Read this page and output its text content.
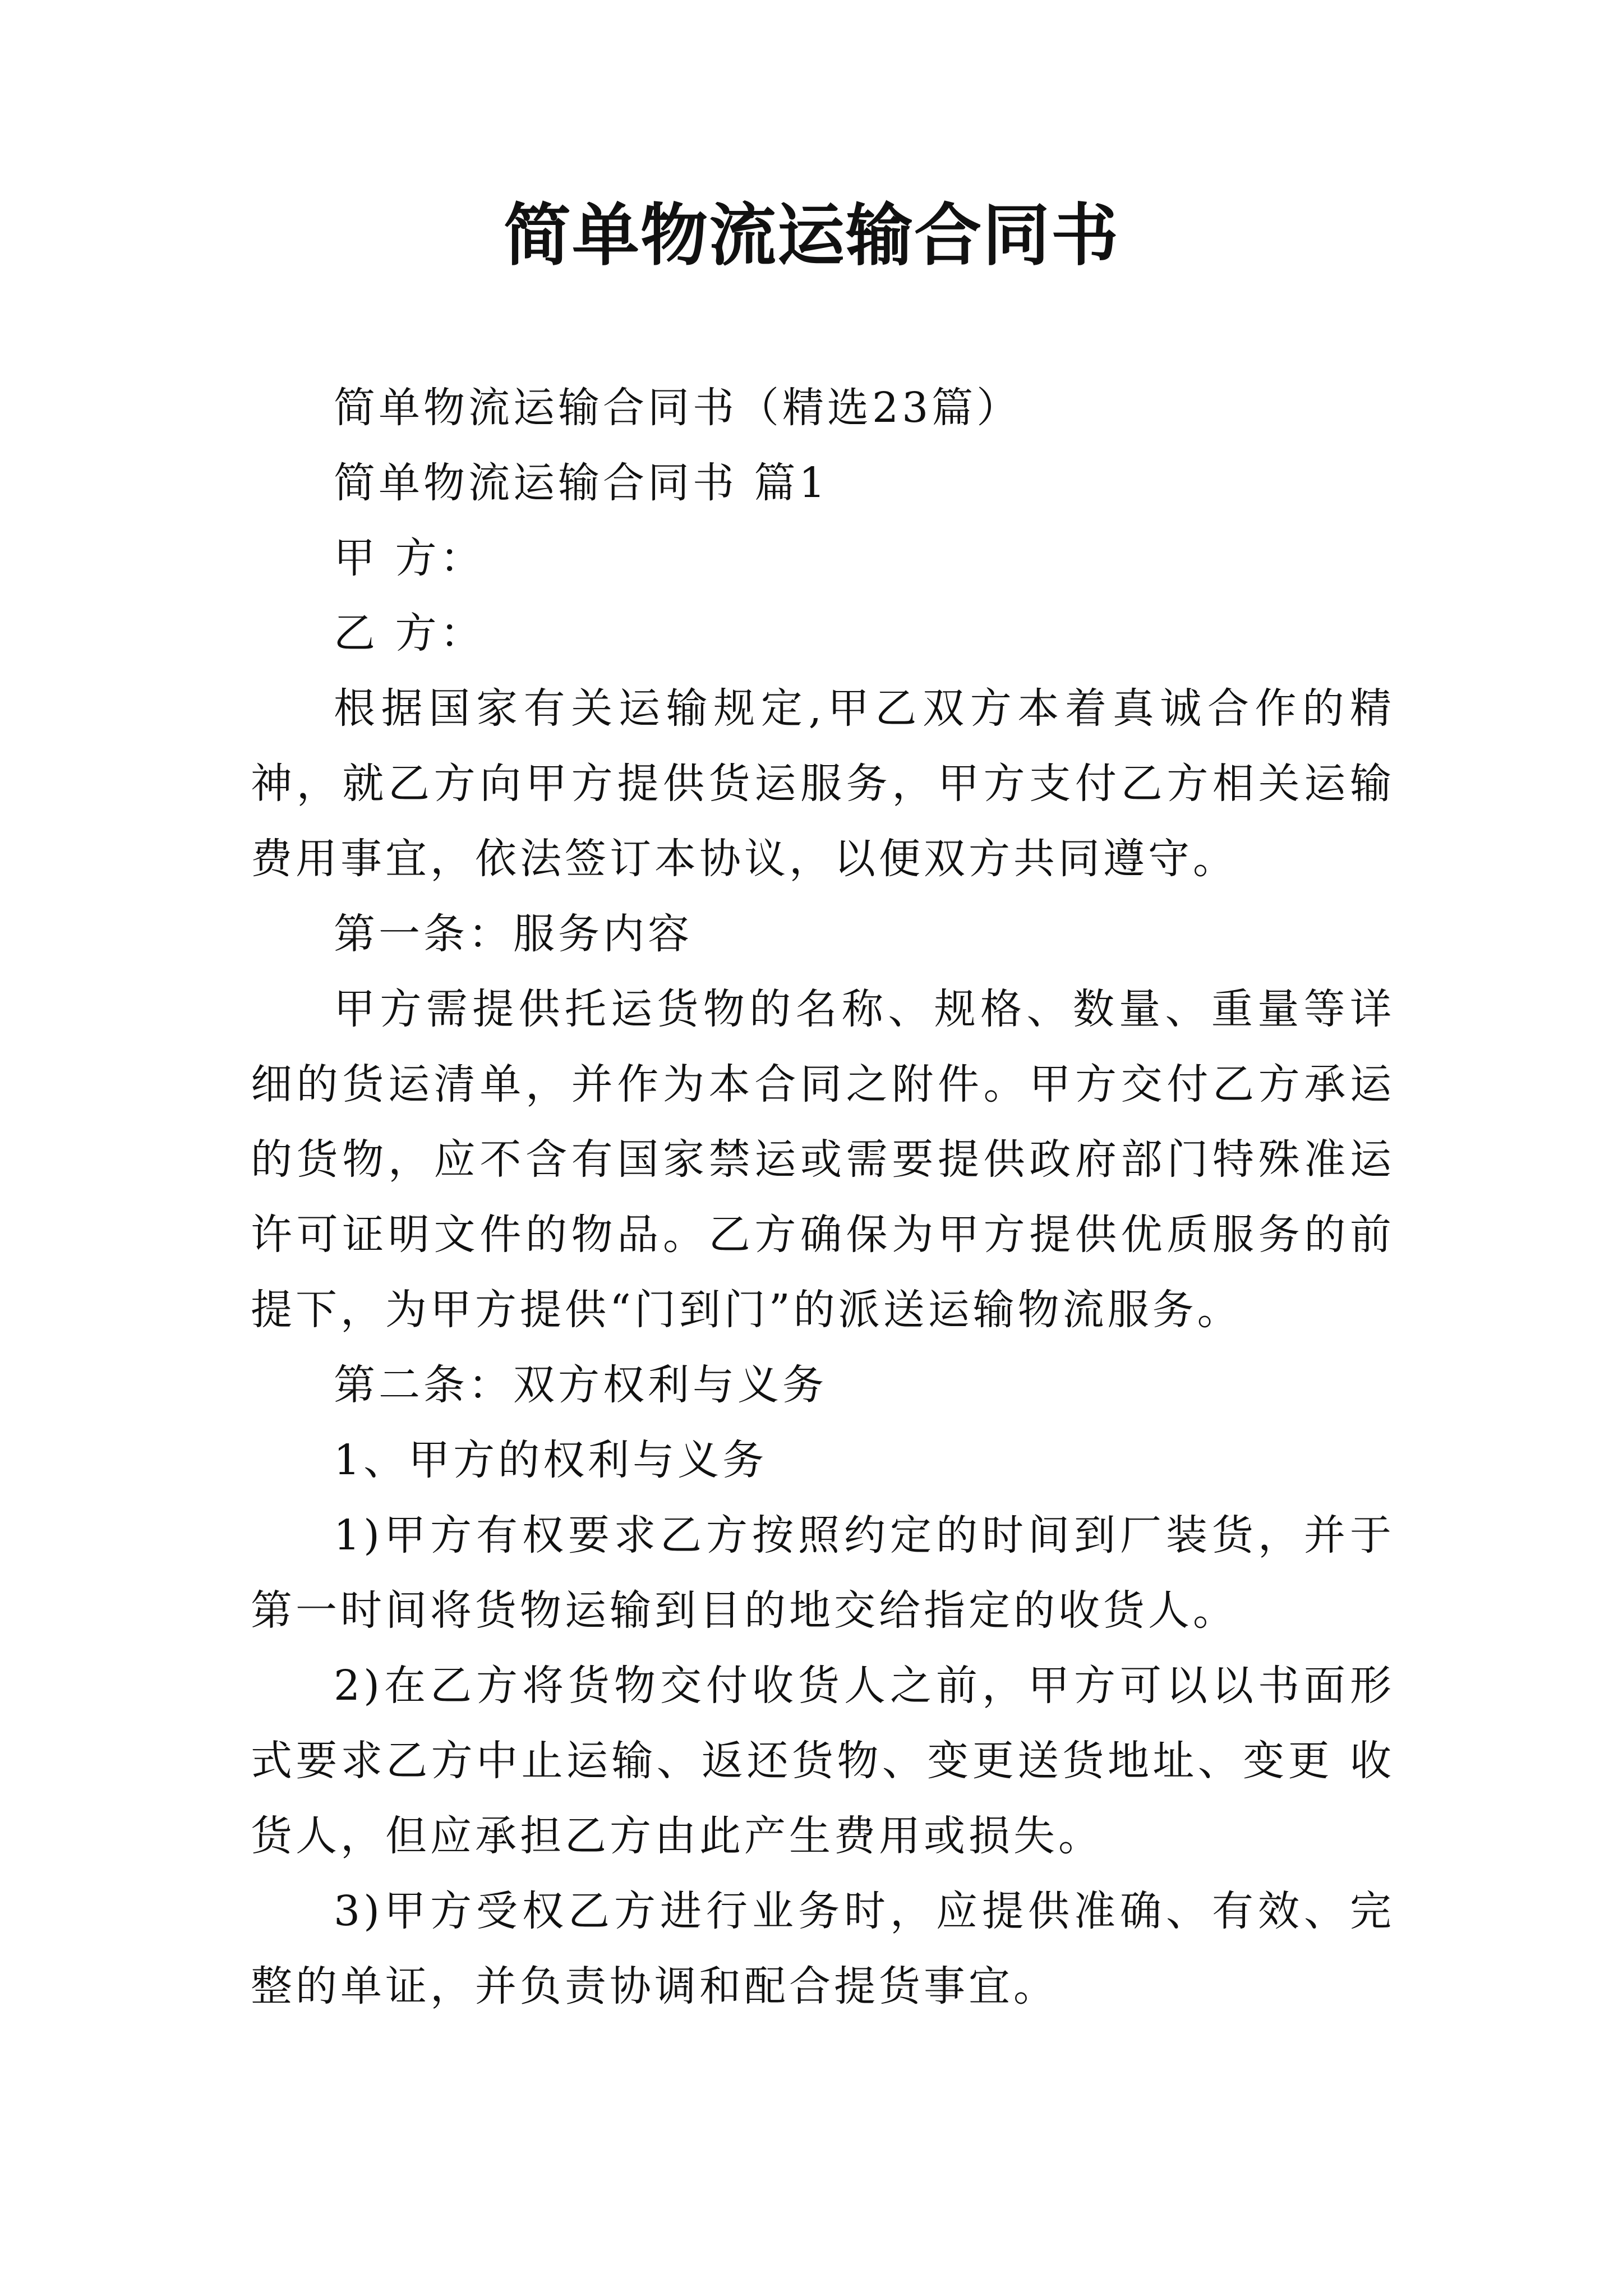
简单物流运输合同书

简单物流运输合同书（精选23篇）

简单物流运输合同书 篇1

甲 方：

乙 方：

根据国家有关运输规定,甲乙双方本着真诚合作的精神，就乙方向甲方提供货运服务，甲方支付乙方相关运输费用事宜，依法签订本协议，以便双方共同遵守。

第一条：服务内容

甲方需提供托运货物的名称、规格、数量、重量等详细的货运清单，并作为本合同之附件。甲方交付乙方承运的货物，应不含有国家禁运或需要提供政府部门特殊准运许可证明文件的物品。乙方确保为甲方提供优质服务的前提下，为甲方提供“门到门”的派送运输物流服务。

第二条：双方权利与义务

1、甲方的权利与义务

1)甲方有权要求乙方按照约定的时间到厂装货，并于第一时间将货物运输到目的地交给指定的收货人。

2)在乙方将货物交付收货人之前，甲方可以以书面形式要求乙方中止运输、返还货物、变更送货地址、变更 收货人，但应承担乙方由此产生费用或损失。

3)甲方受权乙方进行业务时，应提供准确、有效、完整的单证，并负责协调和配合提货事宜。
